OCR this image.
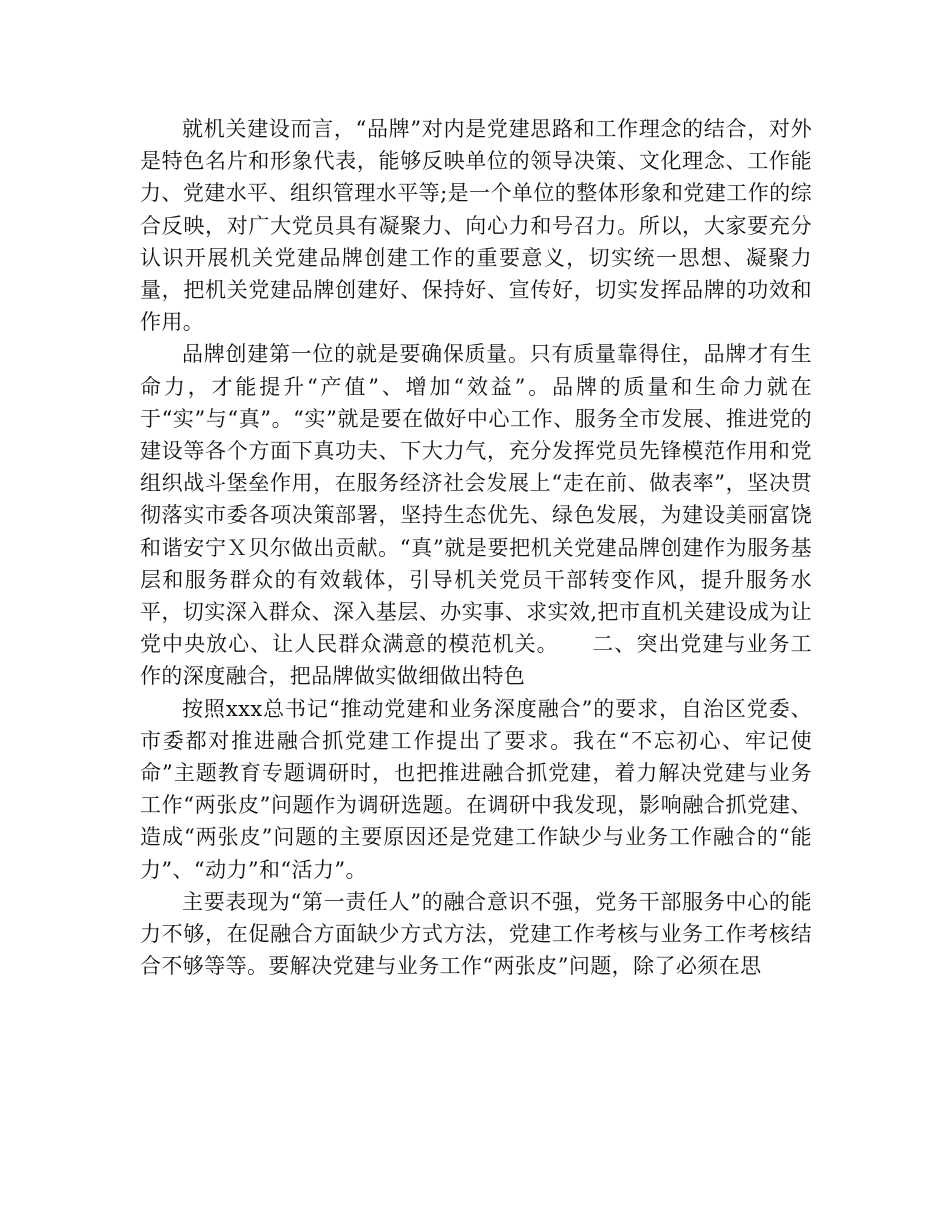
就机关建设而言，“品牌”对内是党建思路和工作理念的结合，对外是特色名片和形象代表，能够反映单位的领导决策、文化理念、工作能力、党建水平、组织管理水平等;是一个单位的整体形象和党建工作的综合反映，对广大党员具有凝聚力、向心力和号召力。所以，大家要充分认识开展机关党建品牌创建工作的重要意义，切实统一思想、凝聚力量，把机关党建品牌创建好、保持好、宣传好，切实发挥品牌的功效和作用。

品牌创建第一位的就是要确保质量。只有质量靠得住，品牌才有生命力，才能提升“产值”、增加“效益”。品牌的质量和生命力就在于“实”与“真”。“实”就是要在做好中心工作、服务全市发展、推进党的建设等各个方面下真功夫、下大力气，充分发挥党员先锋模范作用和党组织战斗堡垒作用，在服务经济社会发展上“走在前、做表率”，坚决贯彻落实市委各项决策部署，坚持生态优先、绿色发展，为建设美丽富饶和谐安宁Ｘ贝尔做出贡献。“真”就是要把机关党建品牌创建作为服务基层和服务群众的有效载体，引导机关党员干部转变作风，提升服务水平，切实深入群众、深入基层、办实事、求实效,把市直机关建设成为让党中央放心、让人民群众满意的模范机关。　　二、突出党建与业务工作的深度融合，把品牌做实做细做出特色

按照xxx总书记“推动党建和业务深度融合”的要求，自治区党委、市委都对推进融合抓党建工作提出了要求。我在“不忘初心、牢记使命”主题教育专题调研时，也把推进融合抓党建，着力解决党建与业务工作“两张皮”问题作为调研选题。在调研中我发现，影响融合抓党建、造成“两张皮”问题的主要原因还是党建工作缺少与业务工作融合的“能力”、“动力”和“活力”。

主要表现为“第一责任人”的融合意识不强，党务干部服务中心的能力不够，在促融合方面缺少方式方法，党建工作考核与业务工作考核结合不够等等。要解决党建与业务工作“两张皮”问题，除了必须在思
